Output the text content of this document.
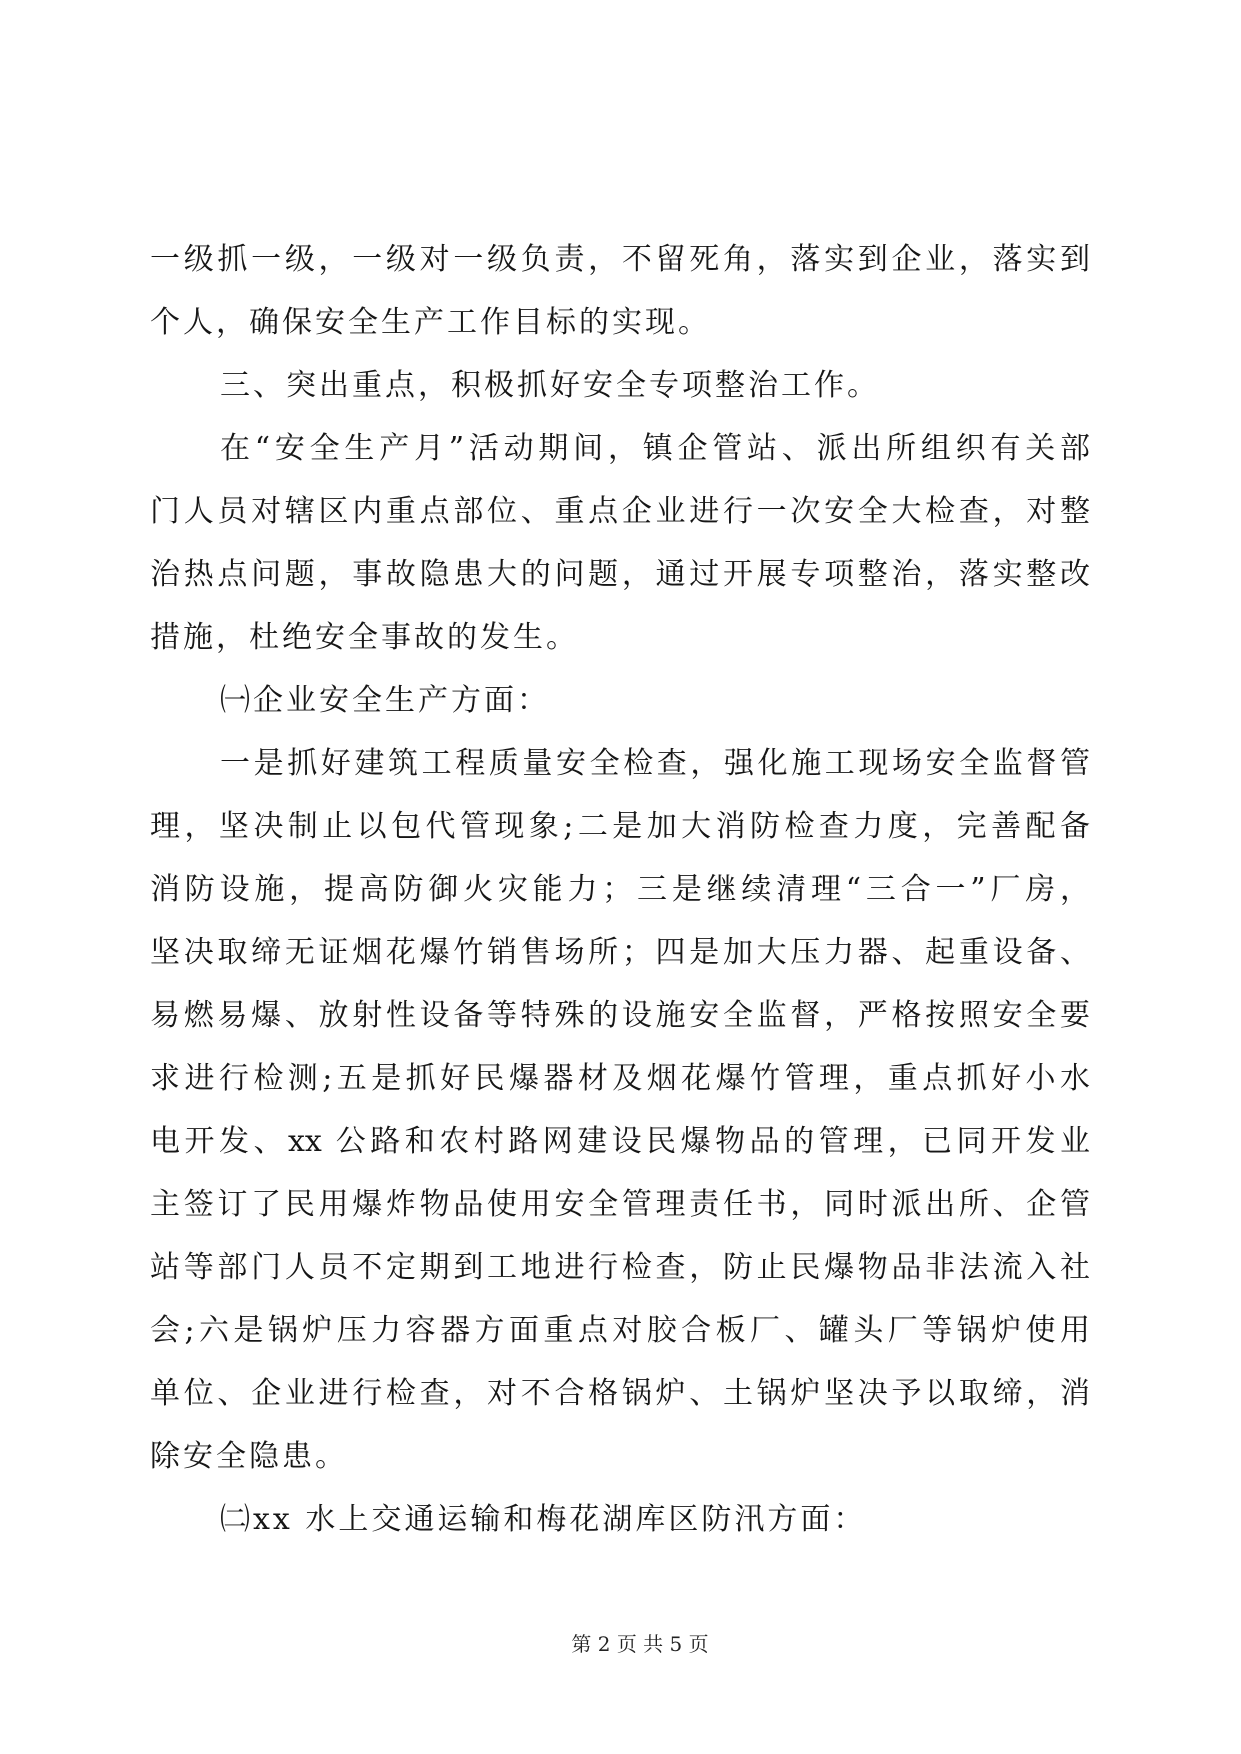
一级抓一级，一级对一级负责，不留死角，落实到企业，落实到
个人，确保安全生产工作目标的实现。
三、突出重点，积极抓好安全专项整治工作。
在“安全生产月”活动期间，镇企管站、派出所组织有关部
门人员对辖区内重点部位、重点企业进行一次安全大检查，对整
治热点问题，事故隐患大的问题，通过开展专项整治，落实整改
措施，杜绝安全事故的发生。
㈠企业安全生产方面：
一是抓好建筑工程质量安全检查，强化施工现场安全监督管
理，坚决制止以包代管现象;二是加大消防检查力度，完善配备
消防设施，提高防御火灾能力；三是继续清理“三合一”厂房，
坚决取缔无证烟花爆竹销售场所；四是加大压力器、起重设备、
易燃易爆、放射性设备等特殊的设施安全监督，严格按照安全要
求进行检测;五是抓好民爆器材及烟花爆竹管理，重点抓好小水
电开发、xx 公路和农村路网建设民爆物品的管理，已同开发业
主签订了民用爆炸物品使用安全管理责任书，同时派出所、企管
站等部门人员不定期到工地进行检查，防止民爆物品非法流入社
会;六是锅炉压力容器方面重点对胶合板厂、罐头厂等锅炉使用
单位、企业进行检查，对不合格锅炉、土锅炉坚决予以取缔，消
除安全隐患。
㈡xx 水上交通运输和梅花湖库区防汛方面：
第 2 页 共 5 页
